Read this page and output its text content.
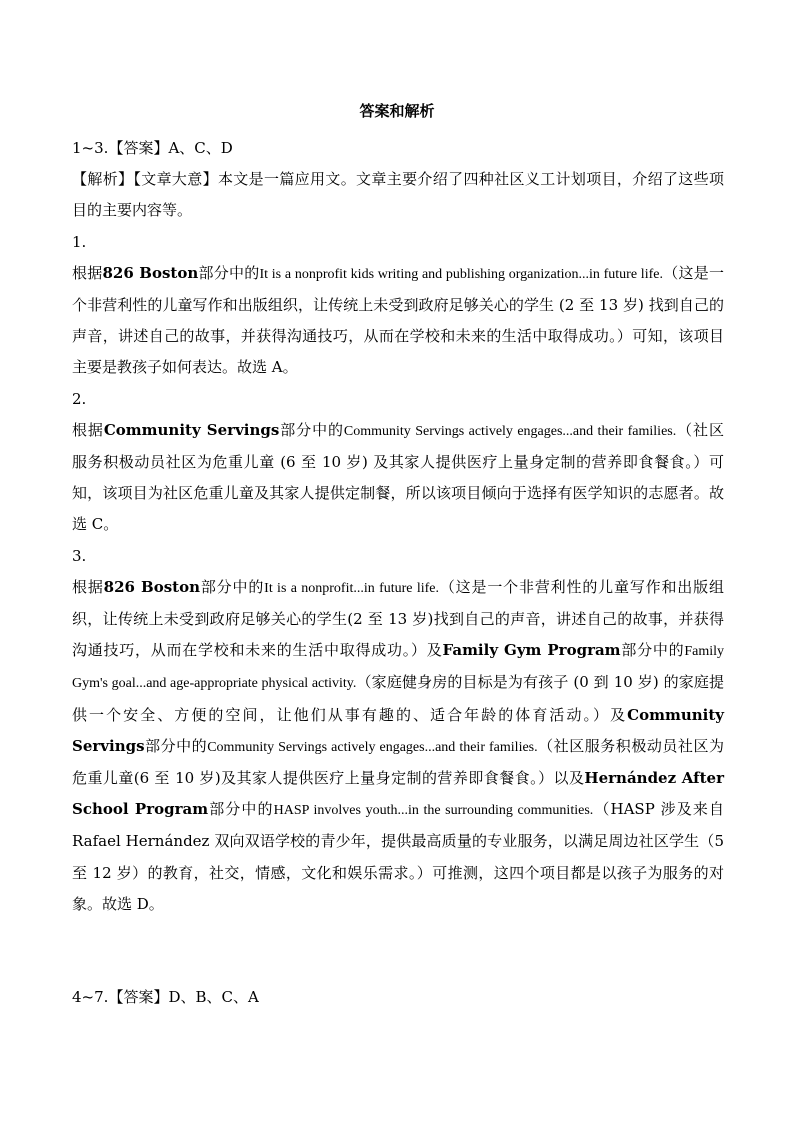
答案和解析

1~3.【答案】A、C、D

【解析】【文章大意】本文是一篇应用文。文章主要介绍了四种社区义工计划项目，介绍了这些项目的主要内容等。

1.

根据826 Boston部分中的It is a nonprofit kids writing and publishing organization...in future life.（这是一个非营利性的儿童写作和出版组织，让传统上未受到政府足够关心的学生 (2 至 13 岁) 找到自己的声音，讲述自己的故事，并获得沟通技巧，从而在学校和未来的生活中取得成功。）可知，该项目主要是教孩子如何表达。故选 A。

2.

根据Community Servings部分中的Community Servings actively engages...and their families.（社区服务积极动员社区为危重儿童 (6 至 10 岁) 及其家人提供医疗上量身定制的营养即食餐食。）可知，该项目为社区危重儿童及其家人提供定制餐，所以该项目倾向于选择有医学知识的志愿者。故选 C。

3.

根据826 Boston部分中的It is a nonprofit...in future life.（这是一个非营利性的儿童写作和出版组织，让传统上未受到政府足够关心的学生(2 至 13 岁)找到自己的声音，讲述自己的故事，并获得沟通技巧，从而在学校和未来的生活中取得成功。）及Family Gym Program部分中的Family Gym's goal...and age-appropriate physical activity.（家庭健身房的目标是为有孩子 (0 到 10 岁) 的家庭提供一个安全、方便的空间，让他们从事有趣的、适合年龄的体育活动。）及Community Servings部分中的Community Servings actively engages...and their families.（社区服务积极动员社区为危重儿童(6 至 10 岁)及其家人提供医疗上量身定制的营养即食餐食。）以及Hernández After School Program部分中的HASP involves youth...in the surrounding communities.（HASP 涉及来自 Rafael Hernández 双向双语学校的青少年，提供最高质量的专业服务，以满足周边社区学生（5 至 12 岁）的教育，社交，情感，文化和娱乐需求。）可推测，这四个项目都是以孩子为服务的对象。故选 D。

4~7.【答案】D、B、C、A
